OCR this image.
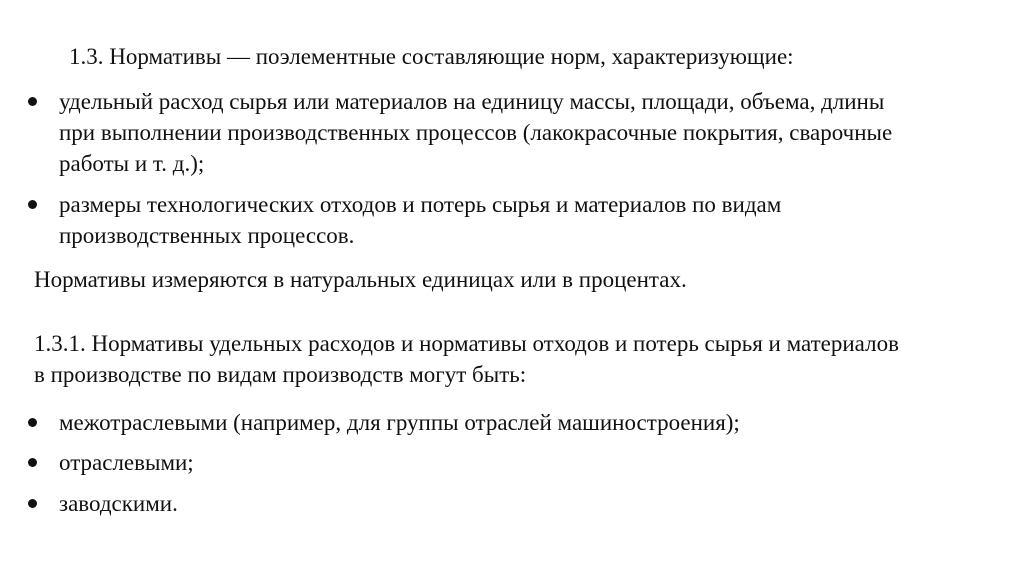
1.3. Нормативы — поэлементные составляющие норм, характеризующие:
удельный расход сырья или материалов на единицу массы, площади, объема, длины
при выполнении производственных процессов (лакокрасочные покрытия, сварочные
работы и т. д.);
размеры технологических отходов и потерь сырья и материалов по видам
производственных процессов.
Нормативы измеряются в натуральных единицах или в процентах.
1.3.1. Нормативы удельных расходов и нормативы отходов и потерь сырья и материалов
в производстве по видам производств могут быть:
межотраслевыми (например, для группы отраслей машиностроения);
отраслевыми;
заводскими.
